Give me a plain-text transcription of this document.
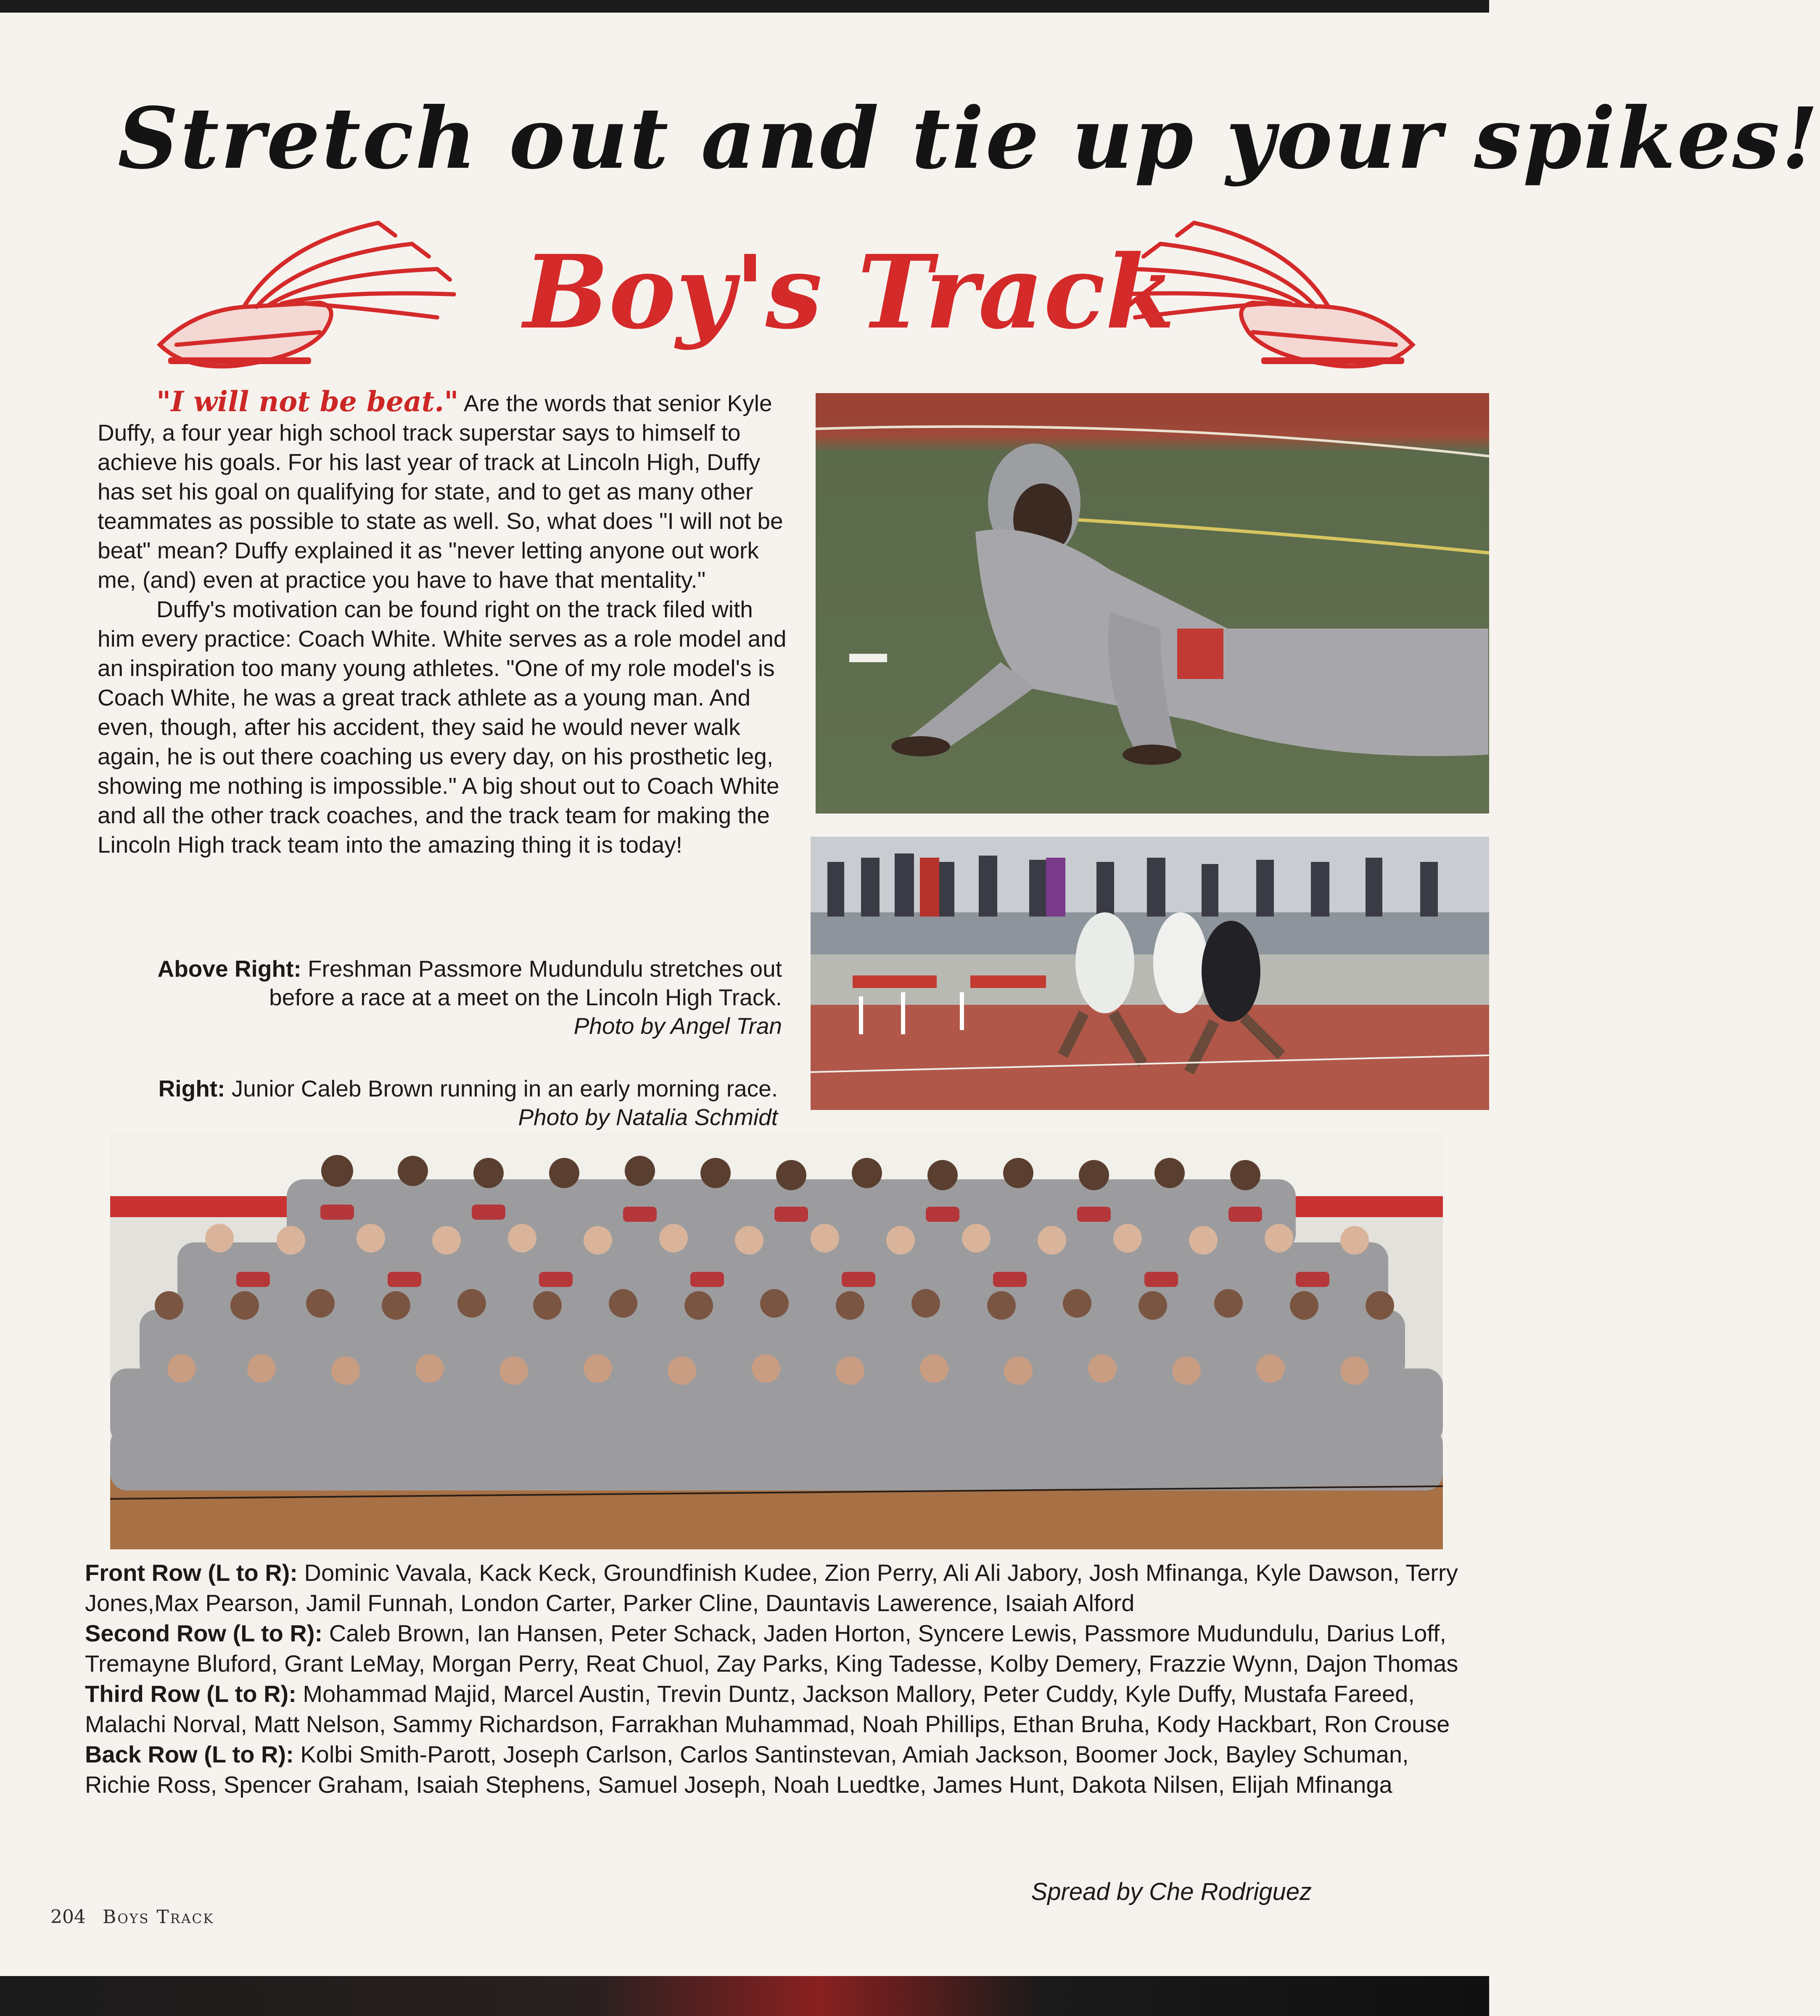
Stretch out and tie up your spikes!
Boy's Track

"I will not be beat." Are the words that senior Kyle Duffy, a four year high school track superstar says to himself to achieve his goals. For his last year of track at Lincoln High, Duffy has set his goal on qualifying for state, and to get as many other teammates as possible to state as well. So, what does "I will not be beat" mean? Duffy explained it as "never letting anyone out work me, (and) even at practice you have to have that mentality."

Duffy's motivation can be found right on the track filed with him every practice: Coach White. White serves as a role model and an inspiration too many young athletes. "One of my role model's is Coach White, he was a great track athlete as a young man. And even, though, after his accident, they said he would never walk again, he is out there coaching us every day, on his prosthetic leg, showing me nothing is impossible." A big shout out to Coach White and all the other track coaches, and the track team for making the Lincoln High track team into the amazing thing it is today!

Above Right: Freshman Passmore Mudundulu stretches out before a race at a meet on the Lincoln High Track.
Photo by Angel Tran
Right: Junior Caleb Brown running in an early morning race. Photo by Natalia Schmidt

Front Row (L to R): Dominic Vavala, Kack Keck, Groundfinish Kudee, Zion Perry, Ali Ali Jabory, Josh Mfinanga, Kyle Dawson, Terry Jones,Max Pearson, Jamil Funnah, London Carter, Parker Cline, Dauntavis Lawerence, Isaiah Alford

Second Row (L to R): Caleb Brown, Ian Hansen, Peter Schack, Jaden Horton, Syncere Lewis, Passmore Mudundulu, Darius Loff, Tremayne Bluford, Grant LeMay, Morgan Perry, Reat Chuol, Zay Parks, King Tadesse, Kolby Demery, Frazzie Wynn, Dajon Thomas

Third Row (L to R): Mohammad Majid, Marcel Austin, Trevin Duntz, Jackson Mallory, Peter Cuddy, Kyle Duffy, Mustafa Fareed, Malachi Norval, Matt Nelson, Sammy Richardson, Farrakhan Muhammad, Noah Phillips, Ethan Bruha, Kody Hackbart, Ron Crouse

Back Row (L to R): Kolbi Smith-Parott, Joseph Carlson, Carlos Santinstevan, Amiah Jackson, Boomer Jock, Bayley Schuman, Richie Ross, Spencer Graham, Isaiah Stephens, Samuel Joseph, Noah Luedtke, James Hunt, Dakota Nilsen, Elijah Mfinanga

Spread by Che Rodriguez
204 Boys Track
